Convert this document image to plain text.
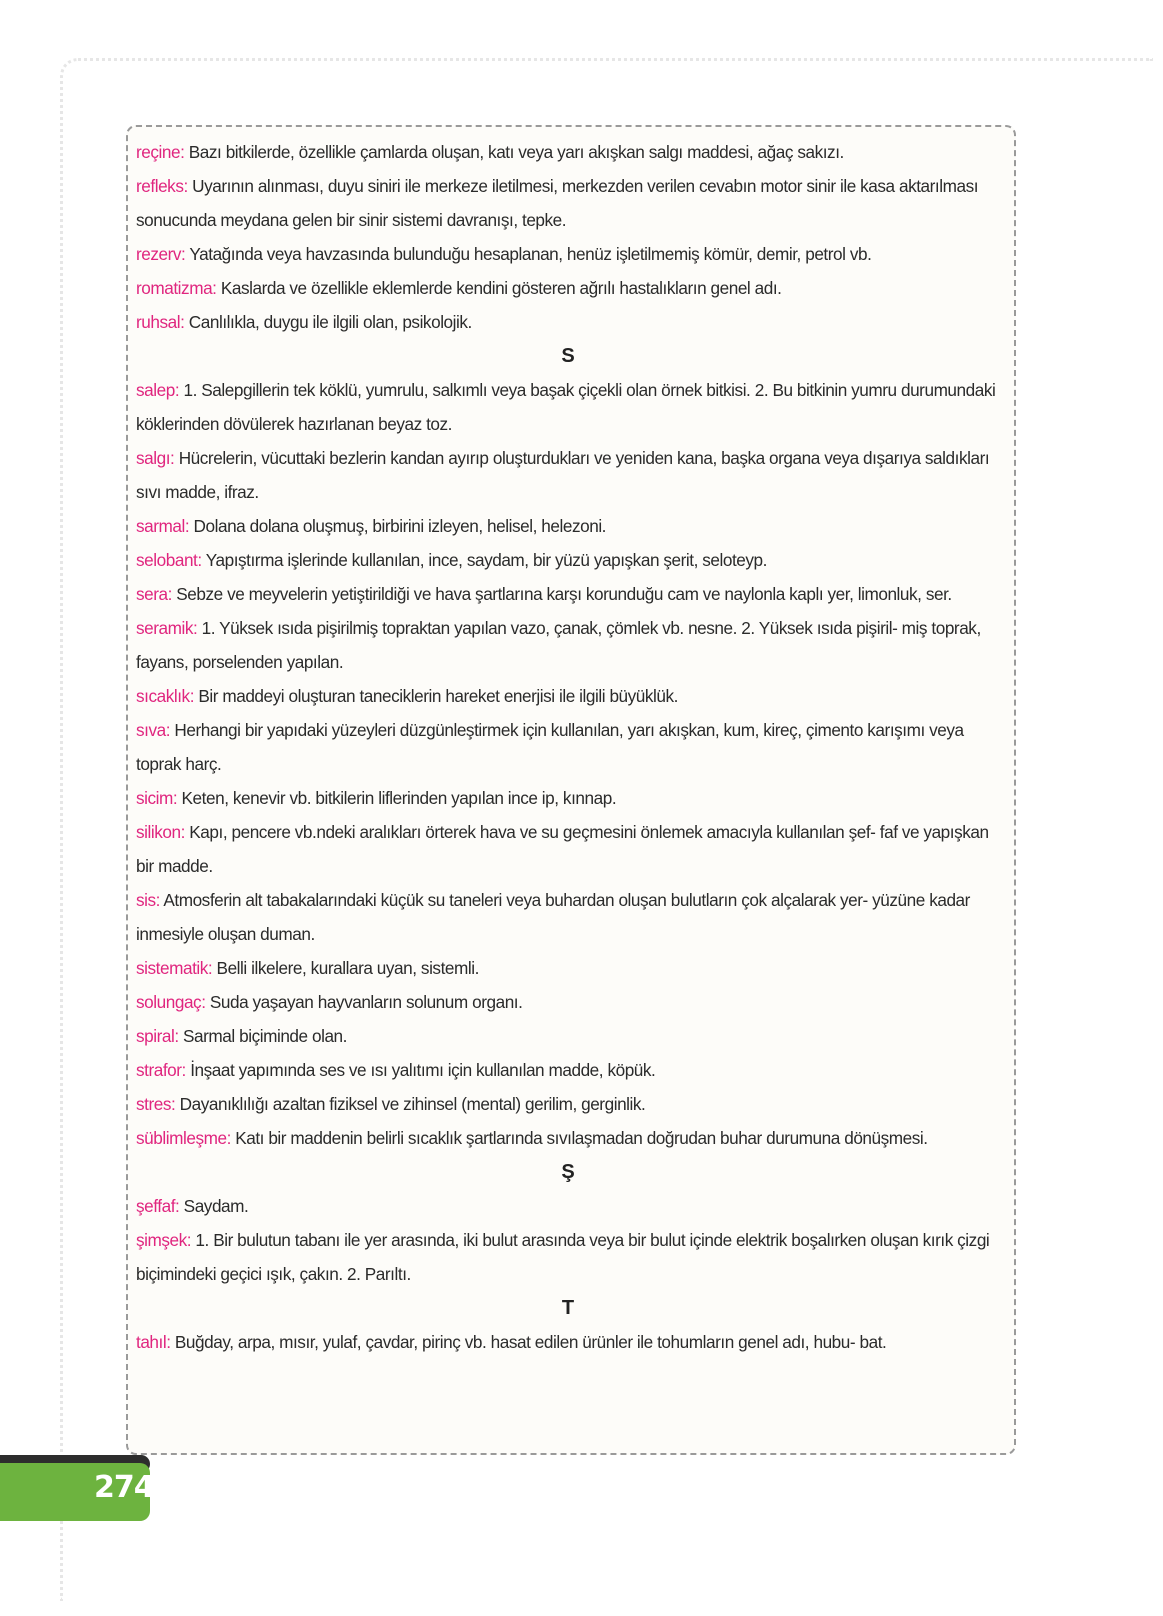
reçine: Bazı bitkilerde, özellikle çamlarda oluşan, katı veya yarı akışkan salgı maddesi, ağaç sakızı.

refleks: Uyarının alınması, duyu siniri ile merkeze iletilmesi, merkezden verilen cevabın motor sinir ile kasa aktarılması sonucunda meydana gelen bir sinir sistemi davranışı, tepke.

rezerv: Yatağında veya havzasında bulunduğu hesaplanan, henüz işletilmemiş kömür, demir, petrol vb.

romatizma: Kaslarda ve özellikle eklemlerde kendini gösteren ağrılı hastalıkların genel adı.

ruhsal: Canlılıkla, duygu ile ilgili olan, psikolojik.

S

salep: 1. Salepgillerin tek köklü, yumrulu, salkımlı veya başak çiçekli olan örnek bitkisi. 2. Bu bitkinin yumru durumundaki köklerinden dövülerek hazırlanan beyaz toz.

salgı: Hücrelerin, vücuttaki bezlerin kandan ayırıp oluşturdukları ve yeniden kana, başka organa veya dışarıya saldıkları sıvı madde, ifraz.

sarmal: Dolana dolana oluşmuş, birbirini izleyen, helisel, helezoni.

selobant: Yapıştırma işlerinde kullanılan, ince, saydam, bir yüzü yapışkan şerit, seloteyp.

sera: Sebze ve meyvelerin yetiştirildiği ve hava şartlarına karşı korunduğu cam ve naylonla kaplı yer, limonluk, ser.

seramik: 1. Yüksek ısıda pişirilmiş topraktan yapılan vazo, çanak, çömlek vb. nesne. 2. Yüksek ısıda pişiril- miş toprak, fayans, porselenden yapılan.

sıcaklık: Bir maddeyi oluşturan taneciklerin hareket enerjisi ile ilgili büyüklük.

sıva: Herhangi bir yapıdaki yüzeyleri düzgünleştirmek için kullanılan, yarı akışkan, kum, kireç, çimento karışımı veya toprak harç.

sicim: Keten, kenevir vb. bitkilerin liflerinden yapılan ince ip, kınnap.

silikon: Kapı, pencere vb.ndeki aralıkları örterek hava ve su geçmesini önlemek amacıyla kullanılan şef- faf ve yapışkan bir madde.

sis: Atmosferin alt tabakalarındaki küçük su taneleri veya buhardan oluşan bulutların çok alçalarak yer- yüzüne kadar inmesiyle oluşan duman.

sistematik: Belli ilkelere, kurallara uyan, sistemli.

solungaç: Suda yaşayan hayvanların solunum organı.

spiral: Sarmal biçiminde olan.

strafor: İnşaat yapımında ses ve ısı yalıtımı için kullanılan madde, köpük.

stres: Dayanıklılığı azaltan fiziksel ve zihinsel (mental) gerilim, gerginlik.

süblimleşme: Katı bir maddenin belirli sıcaklık şartlarında sıvılaşmadan doğrudan buhar durumuna dönüşmesi.

Ş

şeffaf: Saydam.

şimşek: 1. Bir bulutun tabanı ile yer arasında, iki bulut arasında veya bir bulut içinde elektrik boşalırken oluşan kırık çizgi biçimindeki geçici ışık, çakın. 2. Parıltı.

T

tahıl: Buğday, arpa, mısır, yulaf, çavdar, pirinç vb. hasat edilen ürünler ile tohumların genel adı, hubu- bat.

274
